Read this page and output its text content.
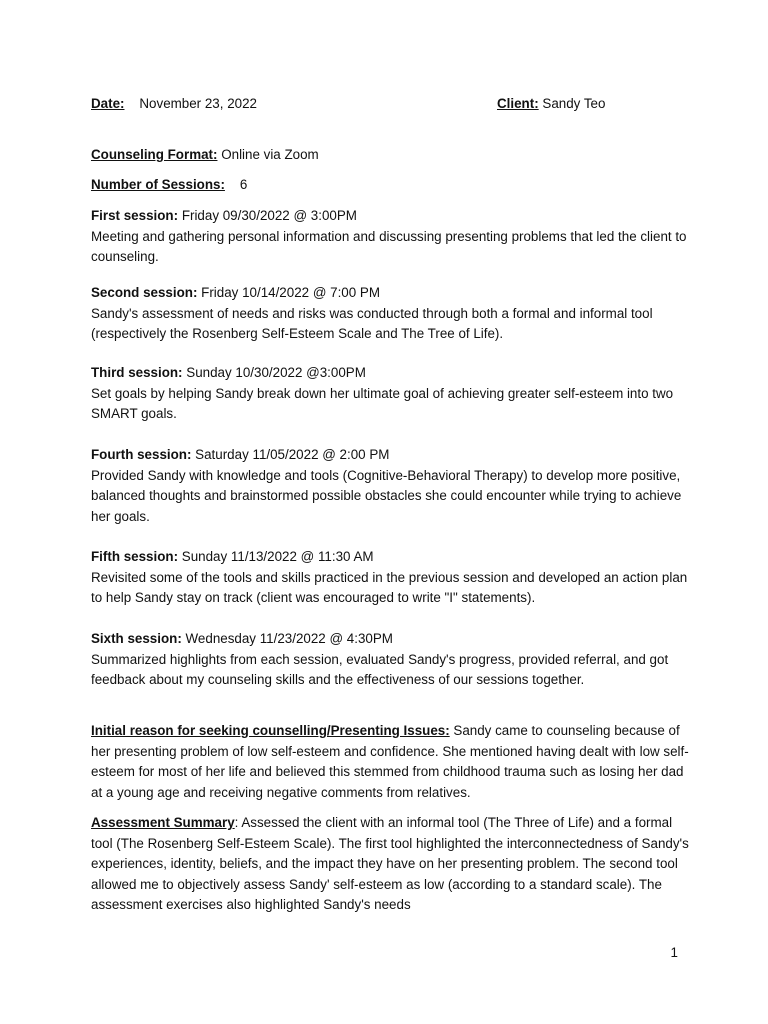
Date: November 23, 2022	Client: Sandy Teo
Counseling Format: Online via Zoom
Number of Sessions: 6
First session: Friday 09/30/2022 @ 3:00PM
Meeting and gathering personal information and discussing presenting problems that led the client to counseling.
Second session: Friday 10/14/2022 @ 7:00 PM
Sandy's assessment of needs and risks was conducted through both a formal and informal tool (respectively the Rosenberg Self-Esteem Scale and The Tree of Life).
Third session: Sunday 10/30/2022 @3:00PM
Set goals by helping Sandy break down her ultimate goal of achieving greater self-esteem into two SMART goals.
Fourth session: Saturday 11/05/2022 @ 2:00 PM
Provided Sandy with knowledge and tools (Cognitive-Behavioral Therapy) to develop more positive, balanced thoughts and brainstormed possible obstacles she could encounter while trying to achieve her goals.
Fifth session: Sunday 11/13/2022 @ 11:30 AM
Revisited some of the tools and skills practiced in the previous session and developed an action plan to help Sandy stay on track (client was encouraged to write "I" statements).
Sixth session: Wednesday 11/23/2022 @ 4:30PM
Summarized highlights from each session, evaluated Sandy's progress, provided referral, and got feedback about my counseling skills and the effectiveness of our sessions together.
Initial reason for seeking counselling/Presenting Issues: Sandy came to counseling because of her presenting problem of low self-esteem and confidence. She mentioned having dealt with low self-esteem for most of her life and believed this stemmed from childhood trauma such as losing her dad at a young age and receiving negative comments from relatives.
Assessment Summary: Assessed the client with an informal tool (The Three of Life) and a formal tool (The Rosenberg Self-Esteem Scale). The first tool highlighted the interconnectedness of Sandy's experiences, identity, beliefs, and the impact they have on her presenting problem. The second tool allowed me to objectively assess Sandy' self-esteem as low (according to a standard scale). The assessment exercises also highlighted Sandy's needs
1
